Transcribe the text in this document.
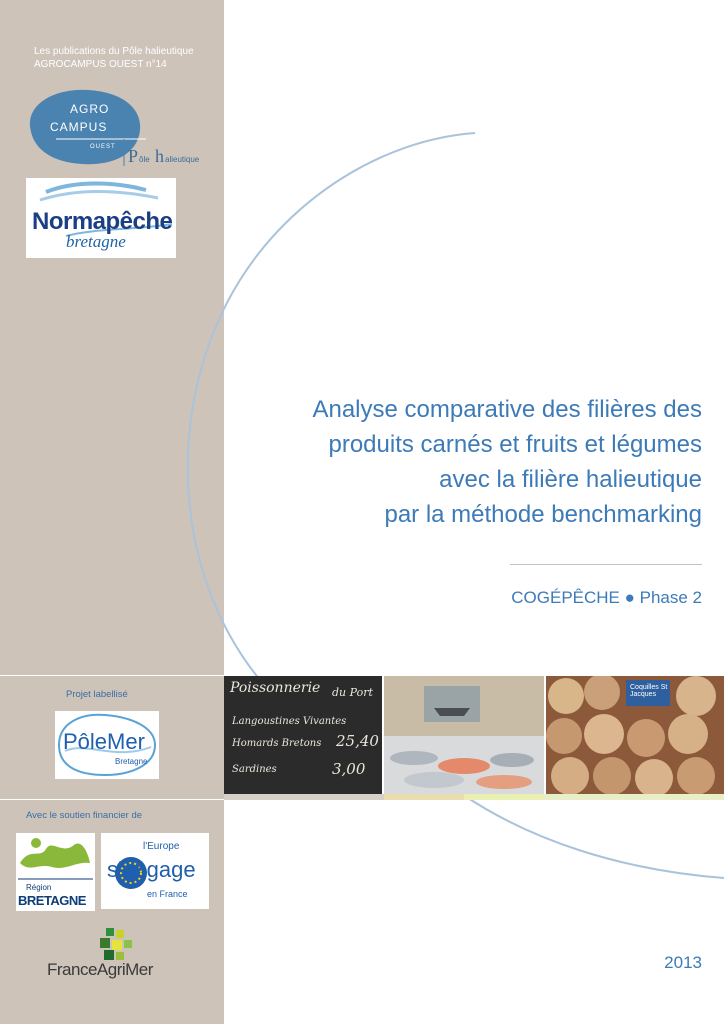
Les publications du Pôle halieutique
AGROCAMPUS OUEST n°14
AGRO
CAMPUS
OUEST P ôle h alieutique
Normapêche
bretagne
Projet labellisé
PôleMer
Bretagne
Avec le soutien financier de
Région
BRETAGNE
l'Europe
s'engage
en France
FranceAgriMer
Analyse comparative des filières des
produits carnés et fruits et légumes
avec la filière halieutique
par la méthode benchmarking
COGÉPÊCHE ● Phase 2
Poissonnerie du Port
Langoustines Vivantes
Homards Bretons 25,40
Sardines	3,00
Coquilles St Jacques
2013
